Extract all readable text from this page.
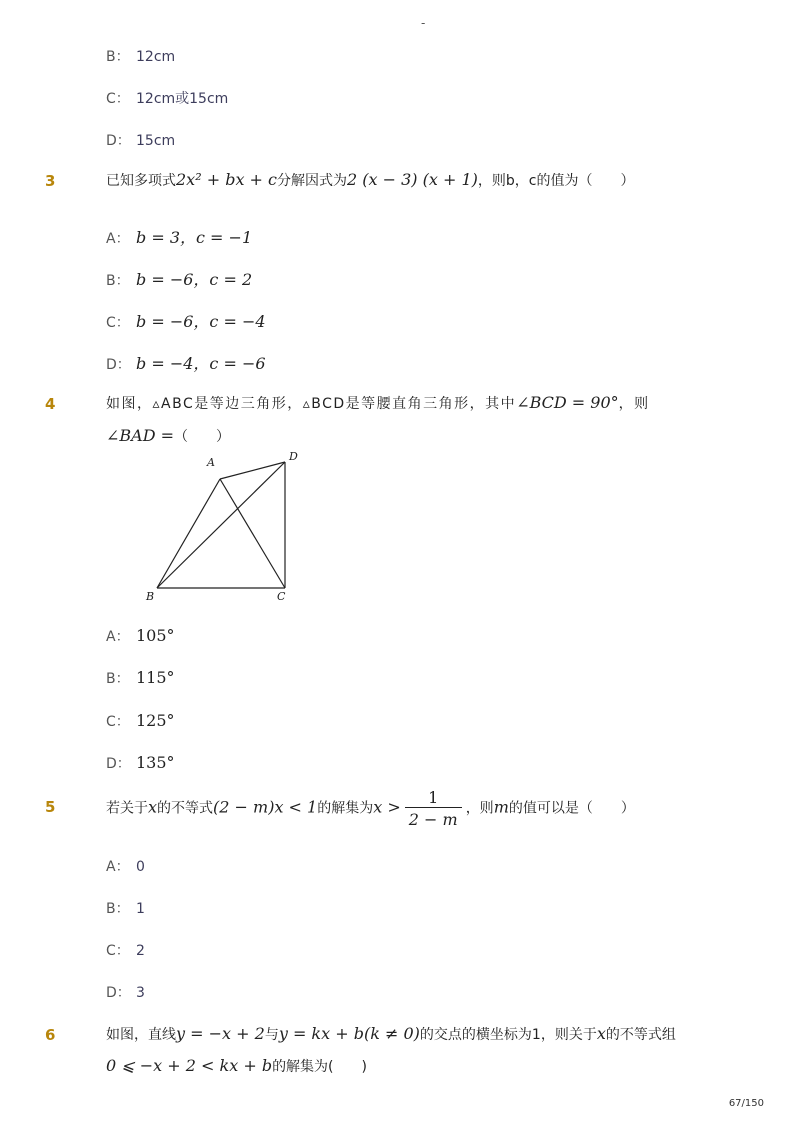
-
B： 12cm
C： 12cm或15cm
D： 15cm
3	已知多项式2x² + bx + c分解因式为2 (x − 3) (x + 1)，则b，c的值为（　　）
A： b = 3，c = −1
B： b = −6，c = 2
C： b = −6，c = −4
D： b = −4，c = −6
4	如图，▵ABC是等边三角形，▵BCD是等腰直角三角形，其中∠BCD = 90°，则
∠BAD =（　　）
A	D
B	C
A： 105°
B： 115°
C： 125°
D： 135°
5	若关于x的不等式(2 − m)x < 1的解集为$x > \frac{1}{2 - m}$ ，则m的值可以是（　　）
A： 0
B： 1
C： 2
D： 3
6	如图，直线y = −x + 2与y = kx + b(k ≠ 0)的交点的横坐标为1，则关于x的不等式组
0 ⩽ −x + 2 < kx + b的解集为(　　)
67/150
